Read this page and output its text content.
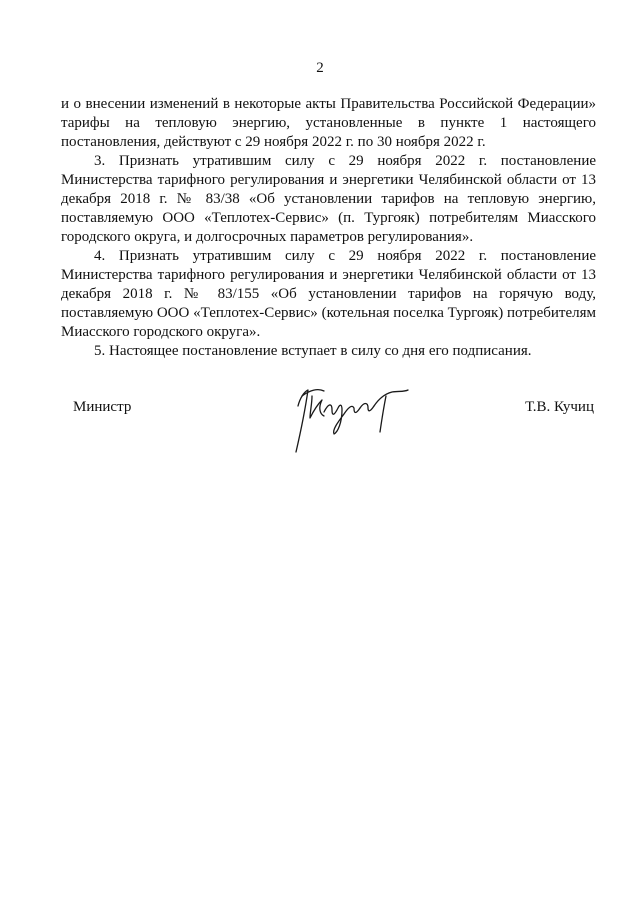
2

и о внесении изменений в некоторые акты Правительства Российской Федерации» тарифы на тепловую энергию, установленные в пункте 1 настоящего постановления, действуют с 29 ноября 2022 г. по 30 ноября 2022 г.

3. Признать утратившим силу с 29 ноября 2022 г. постановление Министерства тарифного регулирования и энергетики Челябинской области от 13 декабря 2018 г. № 83/38 «Об установлении тарифов на тепловую энергию, поставляемую ООО «Теплотех-Сервис» (п. Тургояк) потребителям Миасского городского округа, и долгосрочных параметров регулирования».

4. Признать утратившим силу с 29 ноября 2022 г. постановление Министерства тарифного регулирования и энергетики Челябинской области от 13 декабря 2018 г. № 83/155 «Об установлении тарифов на горячую воду, поставляемую ООО «Теплотех-Сервис» (котельная поселка Тургояк) потребителям Миасского городского округа».

5. Настоящее постановление вступает в силу со дня его подписания.

Министр	Т.В. Кучиц
